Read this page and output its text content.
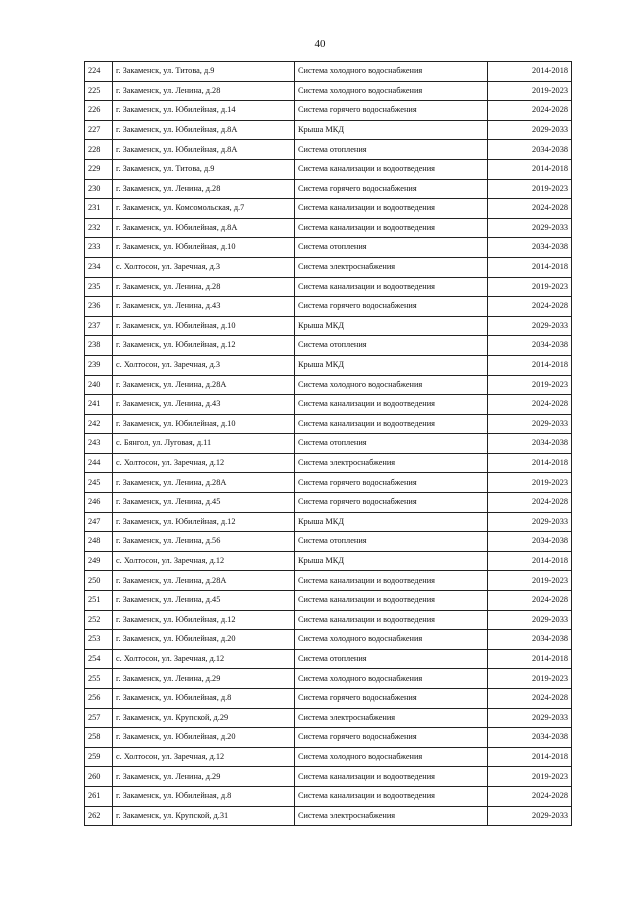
40
224	г. Закаменск, ул. Титова, д.9	Система холодного водоснабжения	2014-2018
225	г. Закаменск, ул. Ленина, д.28	Система холодного водоснабжения	2019-2023
226	г. Закаменск, ул. Юбилейная, д.14	Система горячего водоснабжения	2024-2028
227	г. Закаменск, ул. Юбилейная, д.8А	Крыша МКД	2029-2033
228	г. Закаменск, ул. Юбилейная, д.8А	Система отопления	2034-2038
229	г. Закаменск, ул. Титова, д.9	Система канализации и водоотведения	2014-2018
230	г. Закаменск, ул. Ленина, д.28	Система горячего водоснабжения	2019-2023
231	г. Закаменск, ул. Комсомольская, д.7	Система канализации и водоотведения	2024-2028
232	г. Закаменск, ул. Юбилейная, д.8А	Система канализации и водоотведения	2029-2033
233	г. Закаменск, ул. Юбилейная, д.10	Система отопления	2034-2038
234	с. Холтосон, ул. Заречная, д.3	Система электроснабжения	2014-2018
235	г. Закаменск, ул. Ленина, д.28	Система канализации и водоотведения	2019-2023
236	г. Закаменск, ул. Ленина, д.43	Система горячего водоснабжения	2024-2028
237	г. Закаменск, ул. Юбилейная, д.10	Крыша МКД	2029-2033
238	г. Закаменск, ул. Юбилейная, д.12	Система отопления	2034-2038
239	с. Холтосон, ул. Заречная, д.3	Крыша МКД	2014-2018
240	г. Закаменск, ул. Ленина, д.28А	Система холодного водоснабжения	2019-2023
241	г. Закаменск, ул. Ленина, д.43	Система канализации и водоотведения	2024-2028
242	г. Закаменск, ул. Юбилейная, д.10	Система канализации и водоотведения	2029-2033
243	с. Бянгол, ул. Луговая, д.11	Система отопления	2034-2038
244	с. Холтосон, ул. Заречная, д.12	Система электроснабжения	2014-2018
245	г. Закаменск, ул. Ленина, д.28А	Система горячего водоснабжения	2019-2023
246	г. Закаменск, ул. Ленина, д.45	Система горячего водоснабжения	2024-2028
247	г. Закаменск, ул. Юбилейная, д.12	Крыша МКД	2029-2033
248	г. Закаменск, ул. Ленина, д.56	Система отопления	2034-2038
249	с. Холтосон, ул. Заречная, д.12	Крыша МКД	2014-2018
250	г. Закаменск, ул. Ленина, д.28А	Система канализации и водоотведения	2019-2023
251	г. Закаменск, ул. Ленина, д.45	Система канализации и водоотведения	2024-2028
252	г. Закаменск, ул. Юбилейная, д.12	Система канализации и водоотведения	2029-2033
253	г. Закаменск, ул. Юбилейная, д.20	Система холодного водоснабжения	2034-2038
254	с. Холтосон, ул. Заречная, д.12	Система отопления	2014-2018
255	г. Закаменск, ул. Ленина, д.29	Система холодного водоснабжения	2019-2023
256	г. Закаменск, ул. Юбилейная, д.8	Система горячего водоснабжения	2024-2028
257	г. Закаменск, ул. Крупской, д.29	Система электроснабжения	2029-2033
258	г. Закаменск, ул. Юбилейная, д.20	Система горячего водоснабжения	2034-2038
259	с. Холтосон, ул. Заречная, д.12	Система холодного водоснабжения	2014-2018
260	г. Закаменск, ул. Ленина, д.29	Система канализации и водоотведения	2019-2023
261	г. Закаменск, ул. Юбилейная, д.8	Система канализации и водоотведения	2024-2028
262	г. Закаменск, ул. Крупской, д.31	Система электроснабжения	2029-2033
